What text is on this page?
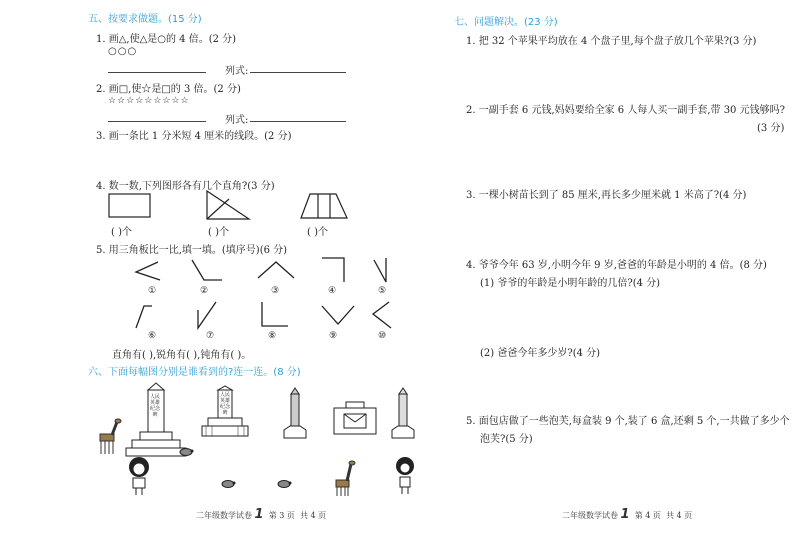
五、按要求做题。(15 分)
1. 画△,使△是○的 4 倍。(2 分)
○○○
列式:
2. 画□,使☆是□的 3 倍。(2 分)
☆☆☆☆☆☆☆☆☆
列式:
3. 画一条比 1 分米短 4 厘米的线段。(2 分)
4. 数一数,下列图形各有几个直角?(3 分)
( )个	( )个	( )个
5. 用三角板比一比,填一填。(填序号)(6 分)
①	②	③	④	⑤
⑥	⑦	⑧	⑨	⑩
直角有( ),锐角有( ),钝角有( )。
六、下面每幅图分别是谁看到的?连一连。(8 分)
人民英雄纪念碑
人民英雄纪念碑
二年级数学试卷 1 第 3 页 共 4 页
七、问题解决。(23 分)
1. 把 32 个苹果平均放在 4 个盘子里,每个盘子放几个苹果?(3 分)
2. 一副手套 6 元钱,妈妈要给全家 6 人每人买一副手套,带 30 元钱够吗?
(3 分)
3. 一棵小树苗长到了 85 厘米,再长多少厘米就 1 米高了?(4 分)
4. 爷爷今年 63 岁,小明今年 9 岁,爸爸的年龄是小明的 4 倍。(8 分)
(1) 爷爷的年龄是小明年龄的几倍?(4 分)
(2) 爸爸今年多少岁?(4 分)
5. 面包店做了一些泡芙,每盒装 9 个,装了 6 盒,还剩 5 个,一共做了多少个
泡芙?(5 分)
二年级数学试卷 1 第 4 页 共 4 页
